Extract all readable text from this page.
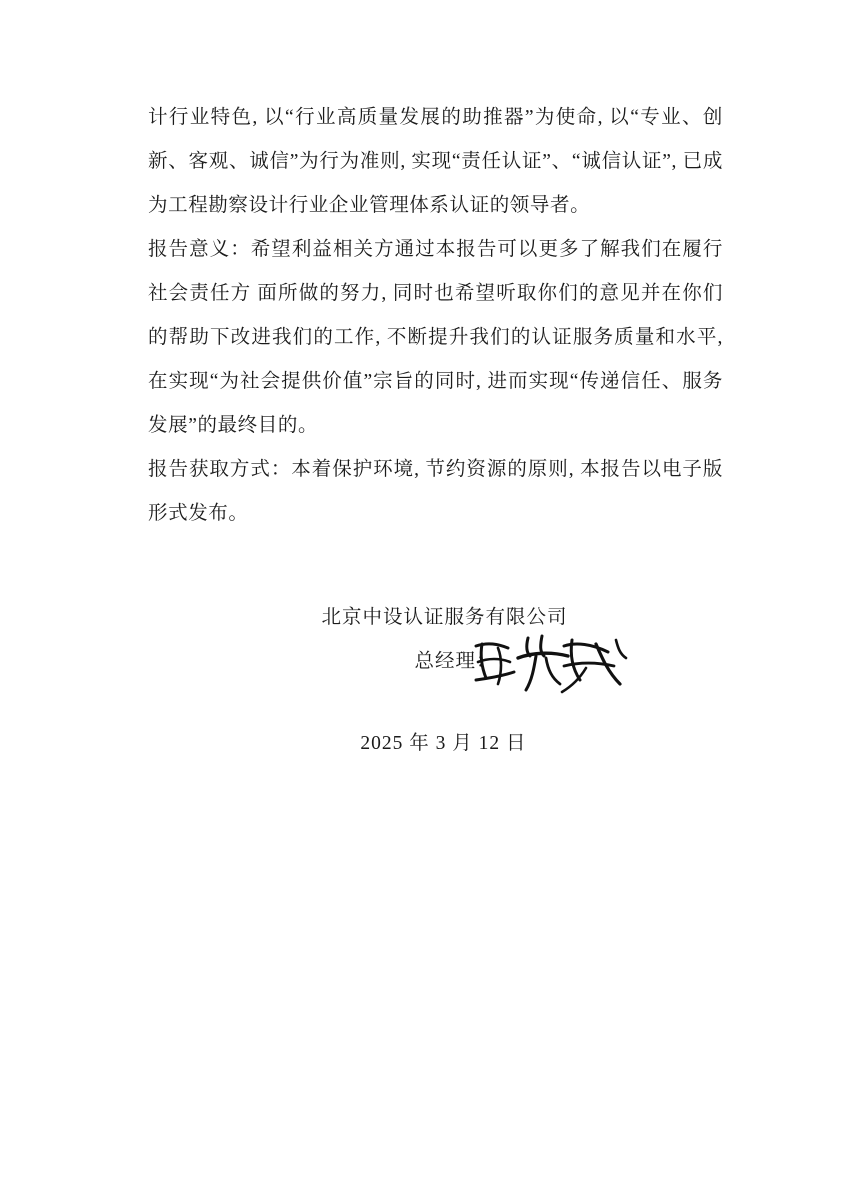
计行业特色, 以“行业高质量发展的助推器”为使命, 以“专业、创新、客观、诚信”为行为准则, 实现“责任认证”、“诚信认证”, 已成为工程勘察设计行业企业管理体系认证的领导者。

报告意义：希望利益相关方通过本报告可以更多了解我们在履行社会责任方 面所做的努力, 同时也希望听取你们的意见并在你们的帮助下改进我们的工作, 不断提升我们的认证服务质量和水平, 在实现“为社会提供价值”宗旨的同时, 进而实现“传递信任、服务发展”的最终目的。

报告获取方式：本着保护环境, 节约资源的原则, 本报告以电子版形式发布。

北京中设认证服务有限公司
总经理：
2025 年 3 月 12 日
